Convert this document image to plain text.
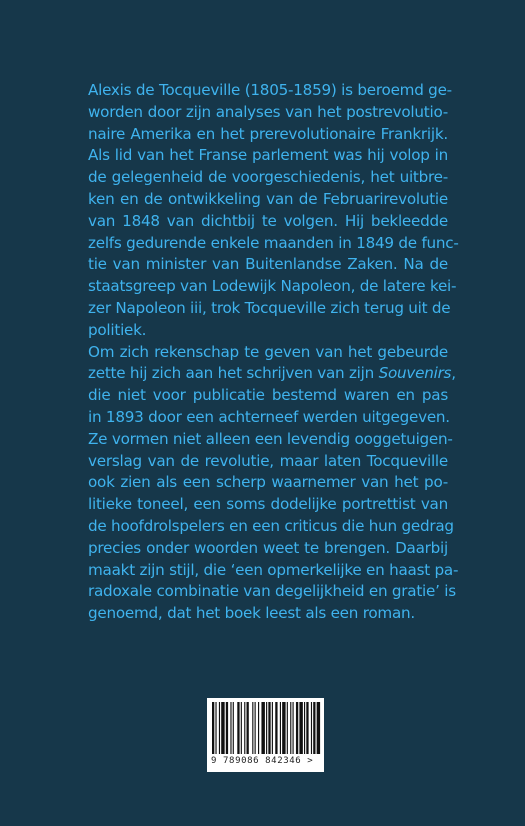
Alexis de Tocqueville (1805-1859) is beroemd ge-
worden door zijn analyses van het postrevolutio-
naire Amerika en het prerevolutionaire Frankrijk.
Als lid van het Franse parlement was hij volop in
de gelegenheid de voorgeschiedenis, het uitbre-
ken en de ontwikkeling van de Februarirevolutie
van 1848 van dichtbij te volgen. Hij bekleedde
zelfs gedurende enkele maanden in 1849 de func-
tie van minister van Buitenlandse Zaken. Na de
staatsgreep van Lodewijk Napoleon, de latere kei-
zer Napoleon iii, trok Tocqueville zich terug uit de
politiek.
Om zich rekenschap te geven van het gebeurde
zette hij zich aan het schrijven van zijn Souvenirs,
die niet voor publicatie bestemd waren en pas
in 1893 door een achterneef werden uitgegeven.
Ze vormen niet alleen een levendig ooggetuigen-
verslag van de revolutie, maar laten Tocqueville
ook zien als een scherp waarnemer van het po-
litieke toneel, een soms dodelijke portrettist van
de hoofdrolspelers en een criticus die hun gedrag
precies onder woorden weet te brengen. Daarbij
maakt zijn stijl, die ‘een opmerkelijke en haast pa-
radoxale combinatie van degelijkheid en gratie’ is
genoemd, dat het boek leest als een roman.
9 789086 842346 >
